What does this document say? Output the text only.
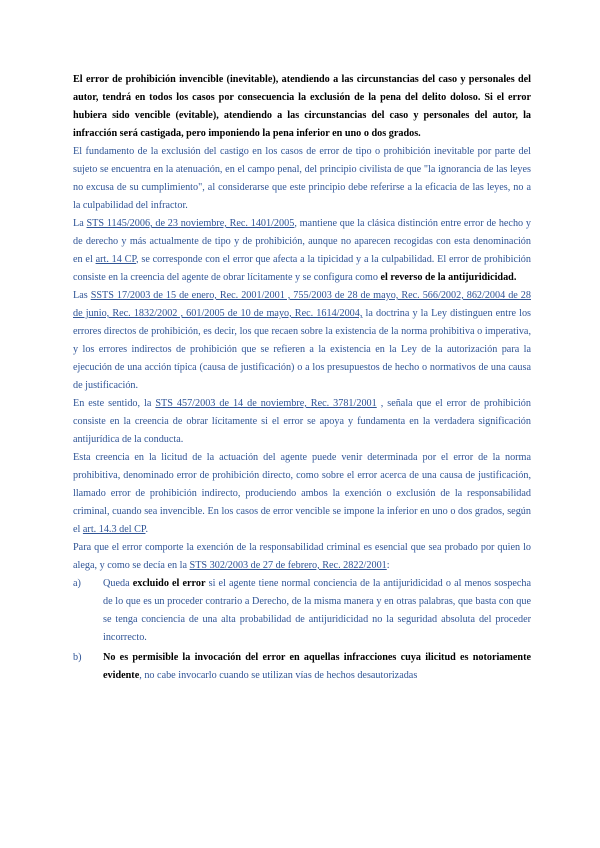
El error de prohibición invencible (inevitable), atendiendo a las circunstancias del caso y personales del autor, tendrá en todos los casos por consecuencia la exclusión de la pena del delito doloso. Si el error hubiera sido vencible (evitable), atendiendo a las circunstancias del caso y personales del autor, la infracción será castigada, pero imponiendo la pena inferior en uno o dos grados.

El fundamento de la exclusión del castigo en los casos de error de tipo o prohibición inevitable por parte del sujeto se encuentra en la atenuación, en el campo penal, del principio civilista de que "la ignorancia de las leyes no excusa de su cumplimiento", al considerarse que este principio debe referirse a la eficacia de las leyes, no a la culpabilidad del infractor.

La STS 1145/2006, de 23 noviembre, Rec. 1401/2005, mantiene que la clásica distinción entre error de hecho y de derecho y más actualmente de tipo y de prohibición, aunque no aparecen recogidas con esta denominación en el art. 14 CP, se corresponde con el error que afecta a la tipicidad y a la culpabilidad. El error de prohibición consiste en la creencia del agente de obrar lícitamente y se configura como el reverso de la antijuridicidad.

Las SSTS 17/2003 de 15 de enero, Rec. 2001/2001 , 755/2003 de 28 de mayo, Rec. 566/2002, 862/2004 de 28 de junio, Rec. 1832/2002 , 601/2005 de 10 de mayo, Rec. 1614/2004, la doctrina y la Ley distinguen entre los errores directos de prohibición, es decir, los que recaen sobre la existencia de la norma prohibitiva o imperativa, y los errores indirectos de prohibición que se refieren a la existencia en la Ley de la autorización para la ejecución de una acción típica (causa de justificación) o a los presupuestos de hecho o normativos de una causa de justificación.

En este sentido, la STS 457/2003 de 14 de noviembre, Rec. 3781/2001 , señala que el error de prohibición consiste en la creencia de obrar lícitamente si el error se apoya y fundamenta en la verdadera significación antijurídica de la conducta.

Esta creencia en la licitud de la actuación del agente puede venir determinada por el error de la norma prohibitiva, denominado error de prohibición directo, como sobre el error acerca de una causa de justificación, llamado error de prohibición indirecto, produciendo ambos la exención o exclusión de la responsabilidad criminal, cuando sea invencible. En los casos de error vencible se impone la inferior en uno o dos grados, según el art. 14.3 del CP.

Para que el error comporte la exención de la responsabilidad criminal es esencial que sea probado por quien lo alega, y como se decía en la STS 302/2003 de 27 de febrero, Rec. 2822/2001:

a) Queda excluido el error si el agente tiene normal conciencia de la antijuridicidad o al menos sospecha de lo que es un proceder contrario a Derecho, de la misma manera y en otras palabras, que basta con que se tenga conciencia de una alta probabilidad de antijuridicidad no la seguridad absoluta del proceder incorrecto.
b) No es permisible la invocación del error en aquellas infracciones cuya ilicitud es notoriamente evidente, no cabe invocarlo cuando se utilizan vías de hechos desautorizadas
